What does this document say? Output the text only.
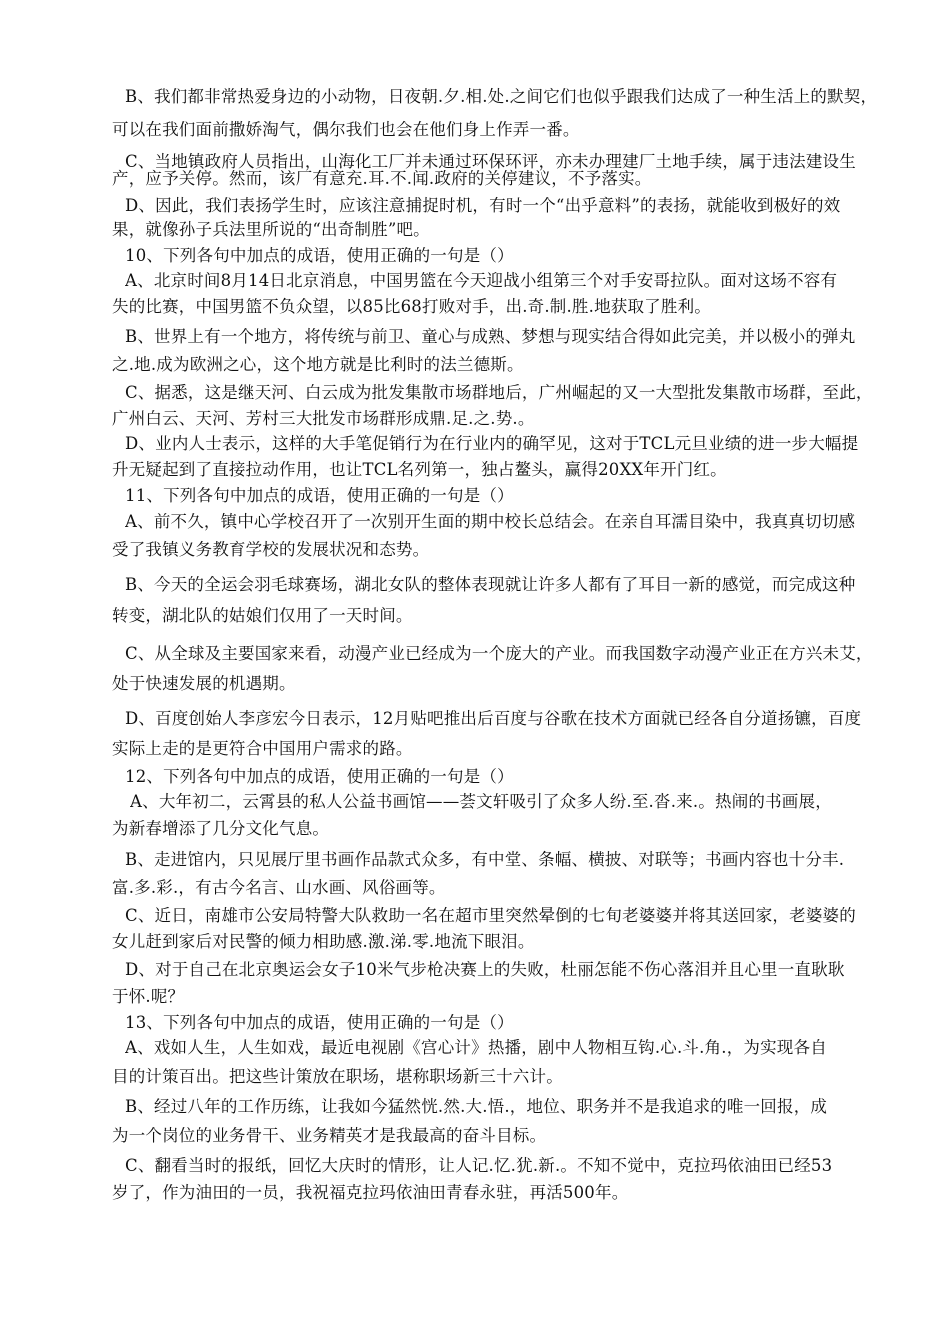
B、我们都非常热爱身边的小动物，日夜朝.夕.相.处.之间它们也似乎跟我们达成了一种生活上的默契，
可以在我们面前撒娇淘气，偶尔我们也会在他们身上作弄一番。
C、当地镇政府人员指出，山海化工厂并未通过环保环评，亦未办理建厂土地手续，属于违法建设生
产，应予关停。然而，该厂有意充.耳.不.闻.政府的关停建议，不予落实。
D、因此，我们表扬学生时，应该注意捕捉时机，有时一个“出乎意料”的表扬，就能收到极好的效
果，就像孙子兵法里所说的“出奇制胜”吧。
10、下列各句中加点的成语，使用正确的一句是（）
A、北京时间8月14日北京消息，中国男篮在今天迎战小组第三个对手安哥拉队。面对这场不容有
失的比赛，中国男篮不负众望，以85比68打败对手，出.奇.制.胜.地获取了胜利。
B、世界上有一个地方，将传统与前卫、童心与成熟、梦想与现实结合得如此完美，并以极小的弹丸
之.地.成为欧洲之心，这个地方就是比利时的法兰德斯。
C、据悉，这是继天河、白云成为批发集散市场群地后，广州崛起的又一大型批发集散市场群，至此，
广州白云、天河、芳村三大批发市场群形成鼎.足.之.势.。
D、业内人士表示，这样的大手笔促销行为在行业内的确罕见，这对于TCL元旦业绩的进一步大幅提
升无疑起到了直接拉动作用，也让TCL名列第一，独占鳌头，赢得20XX年开门红。
11、下列各句中加点的成语，使用正确的一句是（）
A、前不久，镇中心学校召开了一次别开生面的期中校长总结会。在亲自耳濡目染中，我真真切切感
受了我镇义务教育学校的发展状况和态势。
B、今天的全运会羽毛球赛场，湖北女队的整体表现就让许多人都有了耳目一新的感觉，而完成这种
转变，湖北队的姑娘们仅用了一天时间。
C、从全球及主要国家来看，动漫产业已经成为一个庞大的产业。而我国数字动漫产业正在方兴未艾，
处于快速发展的机遇期。
D、百度创始人李彦宏今日表示，12月贴吧推出后百度与谷歌在技术方面就已经各自分道扬镳，百度
实际上走的是更符合中国用户需求的路。
12、下列各句中加点的成语，使用正确的一句是（）
A、大年初二，云霄县的私人公益书画馆——荟文轩吸引了众多人纷.至.沓.来.。热闹的书画展，
为新春增添了几分文化气息。
B、走进馆内，只见展厅里书画作品款式众多，有中堂、条幅、横披、对联等；书画内容也十分丰.
富.多.彩.，有古今名言、山水画、风俗画等。
C、近日，南雄市公安局特警大队救助一名在超市里突然晕倒的七旬老婆婆并将其送回家，老婆婆的
女儿赶到家后对民警的倾力相助感.激.涕.零.地流下眼泪。
D、对于自己在北京奥运会女子10米气步枪决赛上的失败，杜丽怎能不伤心落泪并且心里一直耿耿
于怀.呢？
13、下列各句中加点的成语，使用正确的一句是（）
A、戏如人生，人生如戏，最近电视剧《宫心计》热播，剧中人物相互钩.心.斗.角.，为实现各自
目的计策百出。把这些计策放在职场，堪称职场新三十六计。
B、经过八年的工作历练，让我如今猛然恍.然.大.悟.，地位、职务并不是我追求的唯一回报，成
为一个岗位的业务骨干、业务精英才是我最高的奋斗目标。
C、翻看当时的报纸，回忆大庆时的情形，让人记.忆.犹.新.。不知不觉中，克拉玛依油田已经53
岁了，作为油田的一员，我祝福克拉玛依油田青春永驻，再活500年。
